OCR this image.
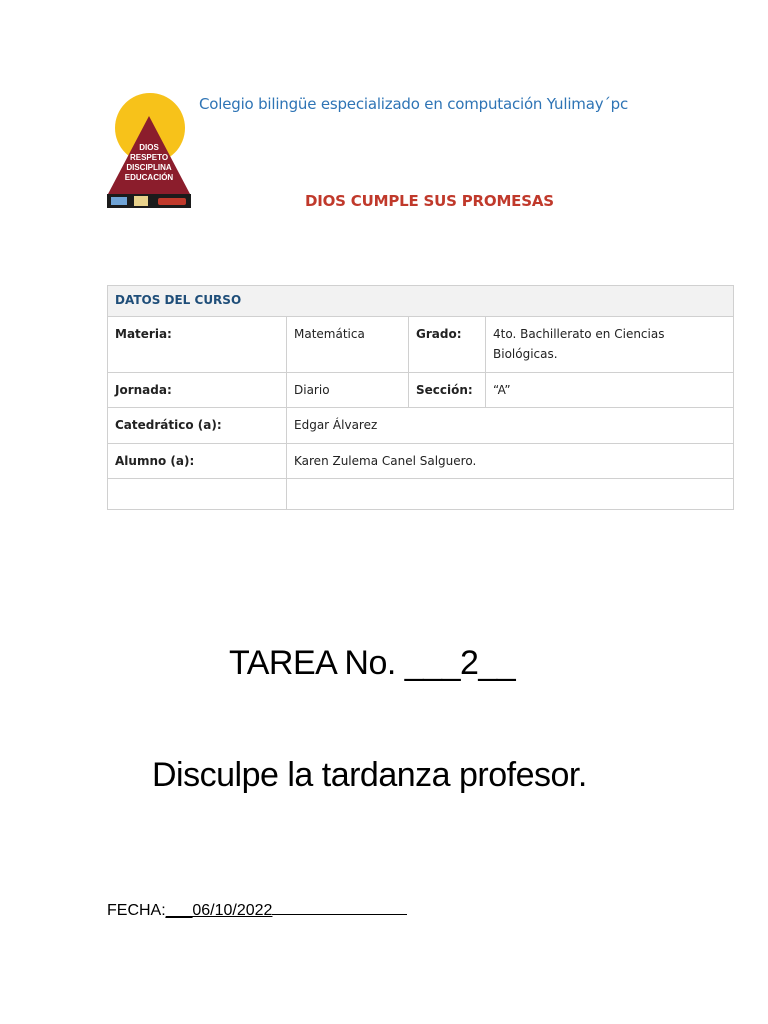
DIOS
RESPETO
DISCIPLINA
EDUCACIÓN
Colegio bilingüe especializado en computación Yulimay´pc
DIOS CUMPLE SUS PROMESAS
DATOS DEL CURSO			
Materia:	Matemática	Grado:	4to. Bachillerato en Ciencias Biológicas.
Jornada:	Diario	Sección:	“A”
Catedrático (a):	Edgar Álvarez		
Alumno (a):	Karen Zulema Canel Salguero.		

TAREA No. ___2__
Disculpe la tardanza profesor.
FECHA:___06/10/2022
